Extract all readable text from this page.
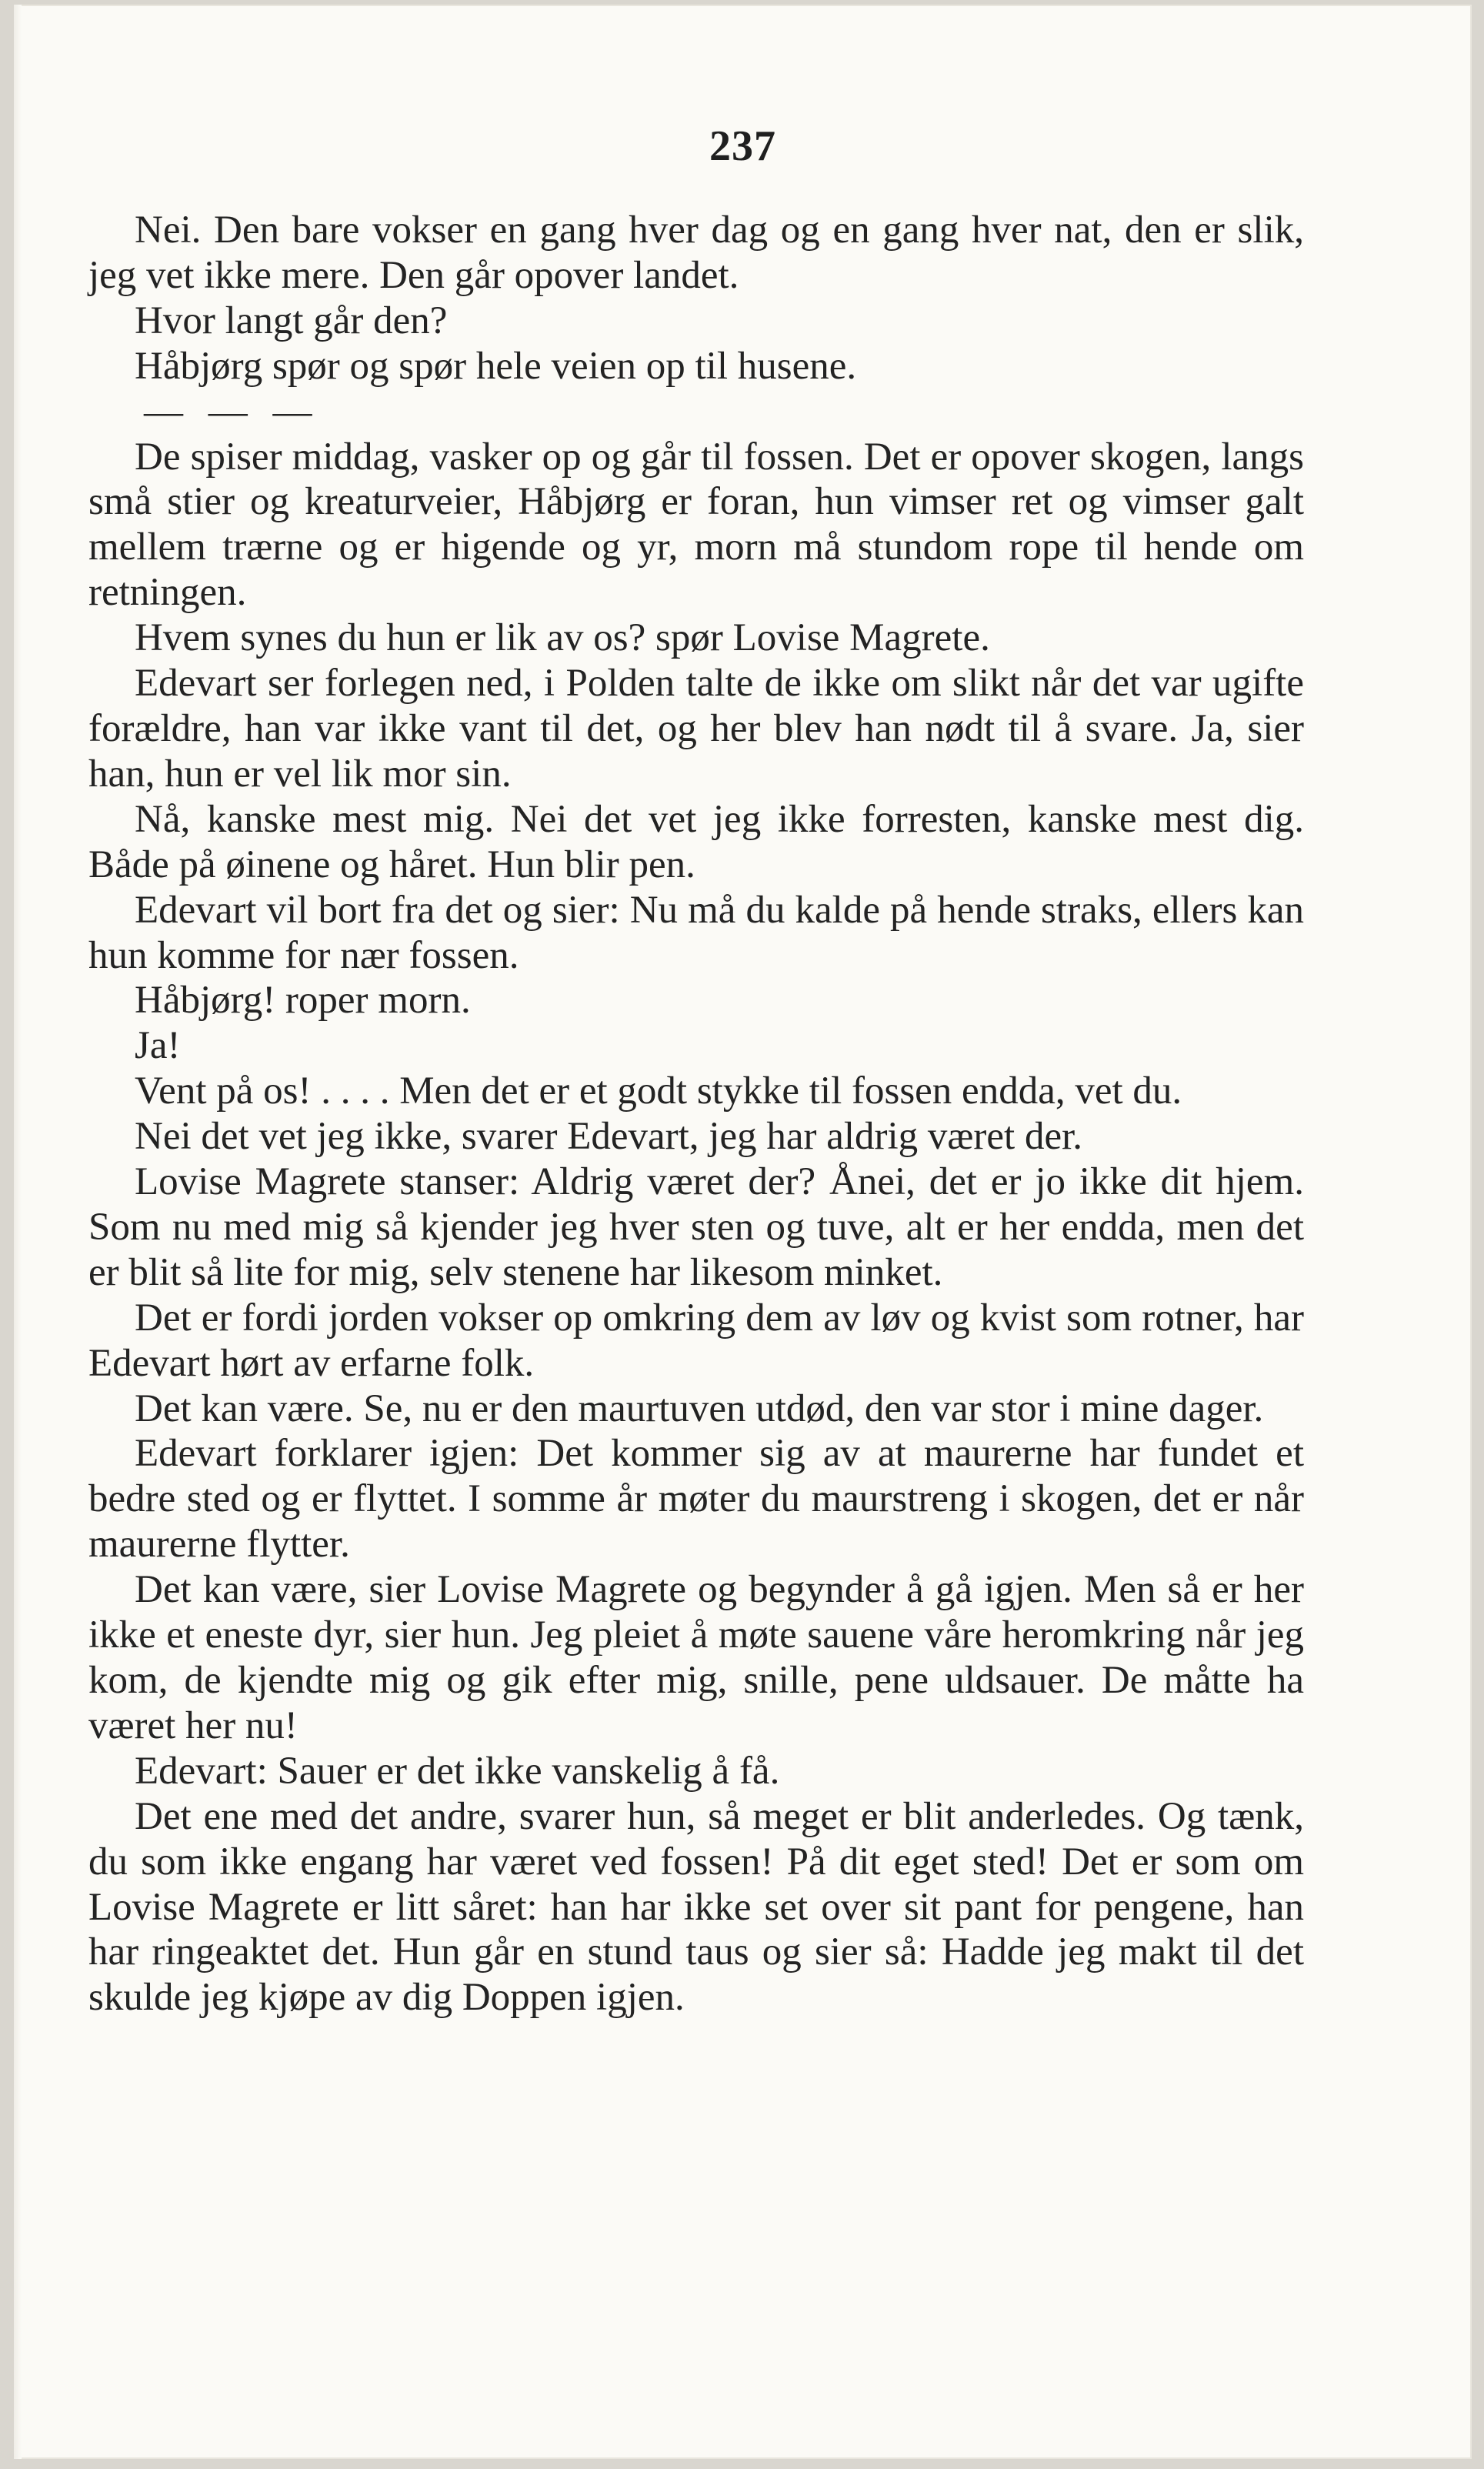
237

Nei. Den bare vokser en gang hver dag og en gang hver nat, den er slik, jeg vet ikke mere. Den går opover landet.

Hvor langt går den?

Håbjørg spør og spør hele veien op til husene.

— — —

De spiser middag, vasker op og går til fossen. Det er opover skogen, langs små stier og kreaturveier, Håbjørg er foran, hun vimser ret og vimser galt mellem trærne og er higende og yr, morn må stundom rope til hende om retningen.

Hvem synes du hun er lik av os? spør Lovise Magrete.

Edevart ser forlegen ned, i Polden talte de ikke om slikt når det var ugifte forældre, han var ikke vant til det, og her blev han nødt til å svare. Ja, sier han, hun er vel lik mor sin.

Nå, kanske mest mig. Nei det vet jeg ikke forresten, kanske mest dig. Både på øinene og håret. Hun blir pen.

Edevart vil bort fra det og sier: Nu må du kalde på hende straks, ellers kan hun komme for nær fossen.

Håbjørg! roper morn.

Ja!

Vent på os! . . . . Men det er et godt stykke til fossen endda, vet du.

Nei det vet jeg ikke, svarer Edevart, jeg har aldrig været der.

Lovise Magrete stanser: Aldrig været der? Ånei, det er jo ikke dit hjem. Som nu med mig så kjender jeg hver sten og tuve, alt er her endda, men det er blit så lite for mig, selv stenene har likesom minket.

Det er fordi jorden vokser op omkring dem av løv og kvist som rotner, har Edevart hørt av erfarne folk.

Det kan være. Se, nu er den maurtuven utdød, den var stor i mine dager.

Edevart forklarer igjen: Det kommer sig av at maurerne har fundet et bedre sted og er flyttet. I somme år møter du maurstreng i skogen, det er når maurerne flytter.

Det kan være, sier Lovise Magrete og begynder å gå igjen. Men så er her ikke et eneste dyr, sier hun. Jeg pleiet å møte sauene våre heromkring når jeg kom, de kjendte mig og gik efter mig, snille, pene uldsauer. De måtte ha været her nu!

Edevart: Sauer er det ikke vanskelig å få.

Det ene med det andre, svarer hun, så meget er blit anderledes. Og tænk, du som ikke engang har været ved fossen! På dit eget sted! Det er som om Lovise Magrete er litt såret: han har ikke set over sit pant for pengene, han har ringeaktet det. Hun går en stund taus og sier så: Hadde jeg makt til det skulde jeg kjøpe av dig Doppen igjen.
